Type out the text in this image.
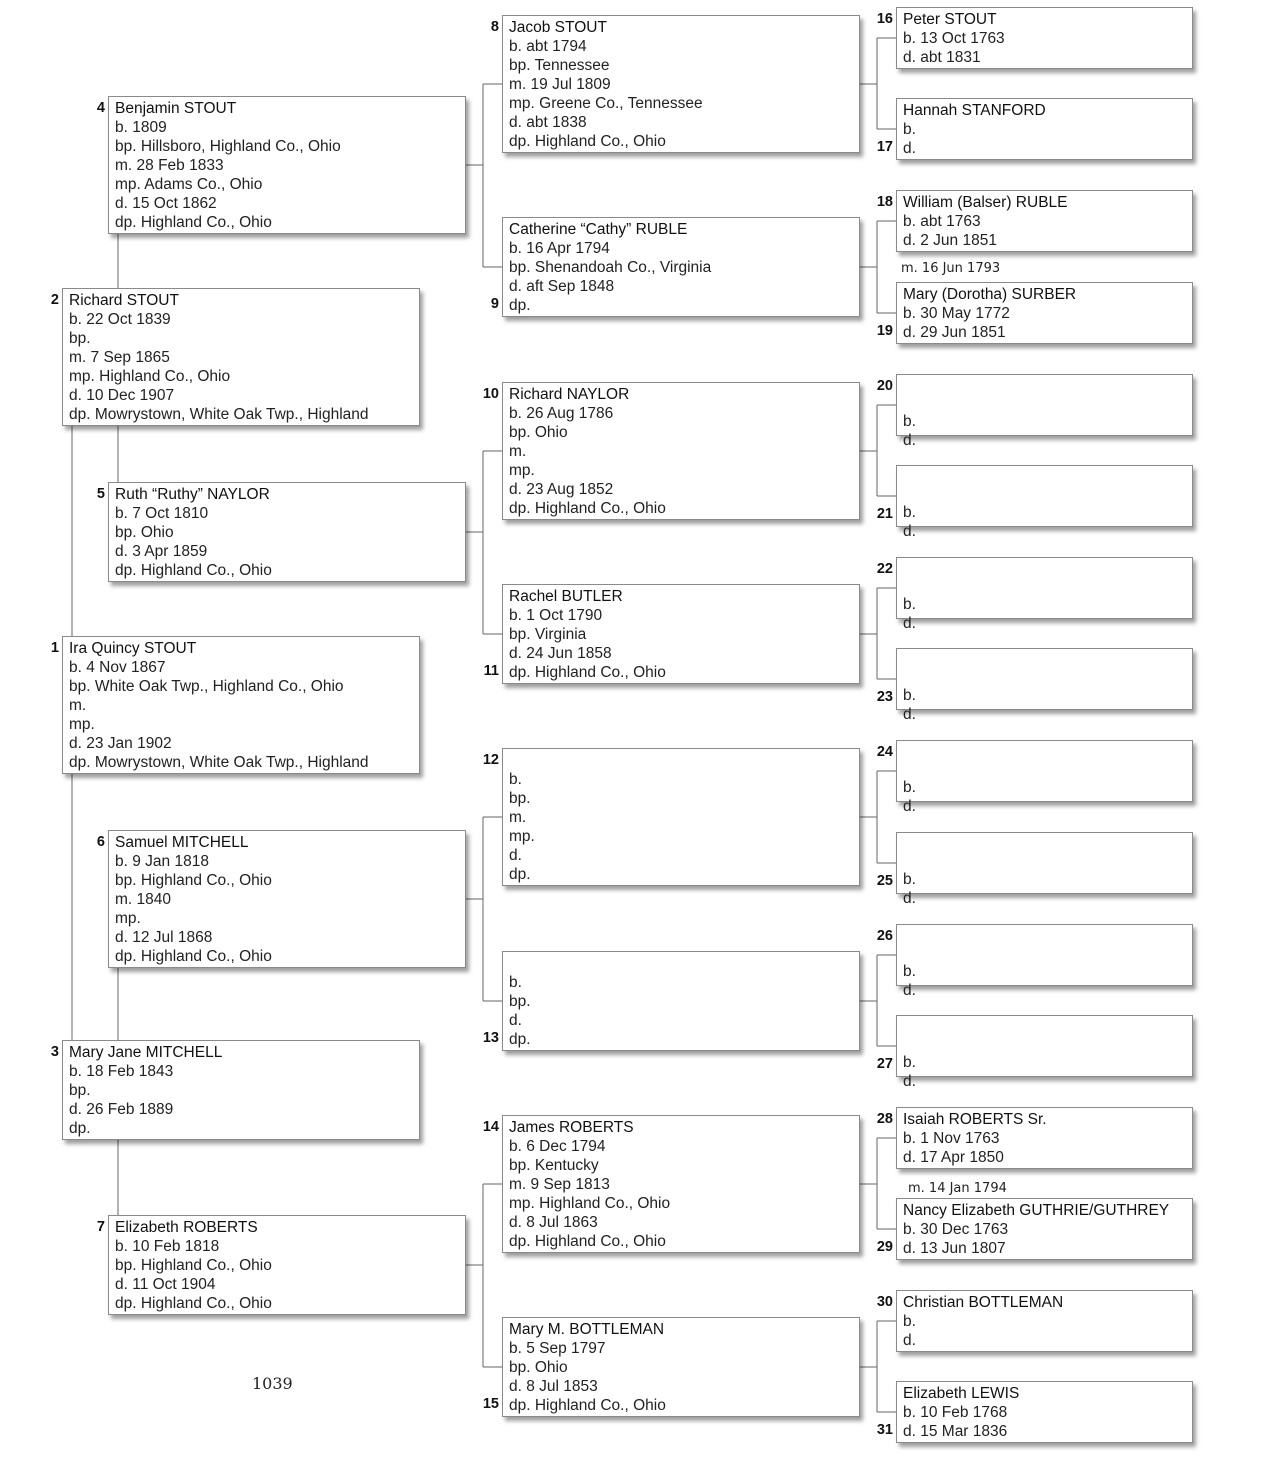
Ira Quincy STOUT
b. 4 Nov 1867
bp. White Oak Twp., Highland Co., Ohio
m.
mp.
d. 23 Jan 1902
dp. Mowrystown, White Oak Twp., Highland
1
Richard STOUT
b. 22 Oct 1839
bp.
m. 7 Sep 1865
mp. Highland Co., Ohio
d. 10 Dec 1907
dp. Mowrystown, White Oak Twp., Highland
2
Mary Jane MITCHELL
b. 18 Feb 1843
bp.
d. 26 Feb 1889
dp.
3
Benjamin STOUT
b. 1809
bp. Hillsboro, Highland Co., Ohio
m. 28 Feb 1833
mp. Adams Co., Ohio
d. 15 Oct 1862
dp. Highland Co., Ohio
4
Ruth “Ruthy” NAYLOR
b. 7 Oct 1810
bp. Ohio
d. 3 Apr 1859
dp. Highland Co., Ohio
5
Samuel MITCHELL
b. 9 Jan 1818
bp. Highland Co., Ohio
m. 1840
mp.
d. 12 Jul 1868
dp. Highland Co., Ohio
6
Elizabeth ROBERTS
b. 10 Feb 1818
bp. Highland Co., Ohio
d. 11 Oct 1904
dp. Highland Co., Ohio
7
Jacob STOUT
b. abt 1794
bp. Tennessee
m. 19 Jul 1809
mp. Greene Co., Tennessee
d. abt 1838
dp. Highland Co., Ohio
8
Catherine “Cathy” RUBLE
b. 16 Apr 1794
bp. Shenandoah Co., Virginia
d. aft Sep 1848
dp.
9
Richard NAYLOR
b. 26 Aug 1786
bp. Ohio
m.
mp.
d. 23 Aug 1852
dp. Highland Co., Ohio
10
Rachel BUTLER
b. 1 Oct 1790
bp. Virginia
d. 24 Jun 1858
dp. Highland Co., Ohio
11

b.
bp.
m.
mp.
d.
dp.
12

b.
bp.
d.
dp.
13
James ROBERTS
b. 6 Dec 1794
bp. Kentucky
m. 9 Sep 1813
mp. Highland Co., Ohio
d. 8 Jul 1863
dp. Highland Co., Ohio
14
Mary M. BOTTLEMAN
b. 5 Sep 1797
bp. Ohio
d. 8 Jul 1853
dp. Highland Co., Ohio
15
Peter STOUT
b. 13 Oct 1763
d. abt 1831
16
Hannah STANFORD
b.
d.
17
William (Balser) RUBLE
b. abt 1763
d. 2 Jun 1851
18
Mary (Dorotha) SURBER
b. 30 May 1772
d. 29 Jun 1851
19

b.
d.
20

b.
d.
21

b.
d.
22

b.
d.
23

b.
d.
24

b.
d.
25

b.
d.
26

b.
d.
27
Isaiah ROBERTS Sr.
b. 1 Nov 1763
d. 17 Apr 1850
28
Nancy Elizabeth GUTHRIE/GUTHREY
b. 30 Dec 1763
d. 13 Jun 1807
29
Christian BOTTLEMAN
b.
d.
30
Elizabeth LEWIS
b. 10 Feb 1768
d. 15 Mar 1836
31
m. 16 Jun 1793
m. 14 Jan 1794
1039
